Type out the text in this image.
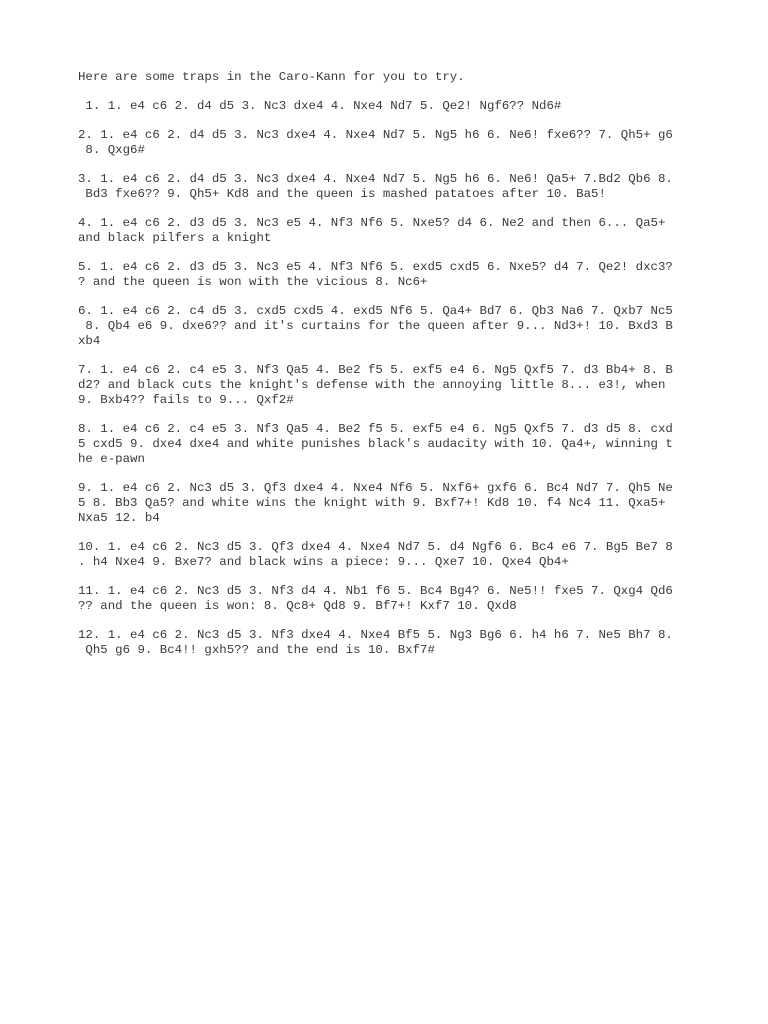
Here are some traps in the Caro-Kann for you to try.

1. 1. e4 c6 2. d4 d5 3. Nc3 dxe4 4. Nxe4 Nd7 5. Qe2! Ngf6?? Nd6#
2. 1. e4 c6 2. d4 d5 3. Nc3 dxe4 4. Nxe4 Nd7 5. Ng5 h6 6. Ne6! fxe6?? 7. Qh5+ g6
8. Qxg6#
3. 1. e4 c6 2. d4 d5 3. Nc3 dxe4 4. Nxe4 Nd7 5. Ng5 h6 6. Ne6! Qa5+ 7.Bd2 Qb6 8.
Bd3 fxe6?? 9. Qh5+ Kd8 and the queen is mashed patatoes after 10. Ba5!
4. 1. e4 c6 2. d3 d5 3. Nc3 e5 4. Nf3 Nf6 5. Nxe5? d4 6. Ne2 and then 6... Qa5+
and black pilfers a knight
5. 1. e4 c6 2. d3 d5 3. Nc3 e5 4. Nf3 Nf6 5. exd5 cxd5 6. Nxe5? d4 7. Qe2! dxc3?
? and the queen is won with the vicious 8. Nc6+
6. 1. e4 c6 2. c4 d5 3. cxd5 cxd5 4. exd5 Nf6 5. Qa4+ Bd7 6. Qb3 Na6 7. Qxb7 Nc5
8. Qb4 e6 9. dxe6?? and it's curtains for the queen after 9... Nd3+! 10. Bxd3 B
xb4
7. 1. e4 c6 2. c4 e5 3. Nf3 Qa5 4. Be2 f5 5. exf5 e4 6. Ng5 Qxf5 7. d3 Bb4+ 8. B
d2? and black cuts the knight's defense with the annoying little 8... e3!, when
9. Bxb4?? fails to 9... Qxf2#
8. 1. e4 c6 2. c4 e5 3. Nf3 Qa5 4. Be2 f5 5. exf5 e4 6. Ng5 Qxf5 7. d3 d5 8. cxd
5 cxd5 9. dxe4 dxe4 and white punishes black's audacity with 10. Qa4+, winning t
he e-pawn
9. 1. e4 c6 2. Nc3 d5 3. Qf3 dxe4 4. Nxe4 Nf6 5. Nxf6+ gxf6 6. Bc4 Nd7 7. Qh5 Ne
5 8. Bb3 Qa5? and white wins the knight with 9. Bxf7+! Kd8 10. f4 Nc4 11. Qxa5+
Nxa5 12. b4
10. 1. e4 c6 2. Nc3 d5 3. Qf3 dxe4 4. Nxe4 Nd7 5. d4 Ngf6 6. Bc4 e6 7. Bg5 Be7 8
. h4 Nxe4 9. Bxe7? and black wins a piece: 9... Qxe7 10. Qxe4 Qb4+
11. 1. e4 c6 2. Nc3 d5 3. Nf3 d4 4. Nb1 f6 5. Bc4 Bg4? 6. Ne5!! fxe5 7. Qxg4 Qd6
?? and the queen is won: 8. Qc8+ Qd8 9. Bf7+! Kxf7 10. Qxd8
12. 1. e4 c6 2. Nc3 d5 3. Nf3 dxe4 4. Nxe4 Bf5 5. Ng3 Bg6 6. h4 h6 7. Ne5 Bh7 8.
Qh5 g6 9. Bc4!! gxh5?? and the end is 10. Bxf7#
